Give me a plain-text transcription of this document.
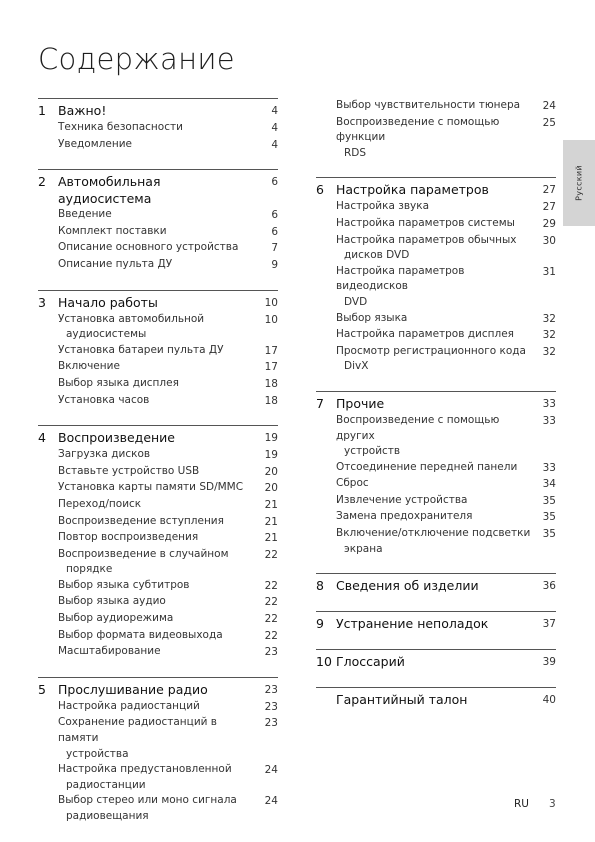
Содержание
1 Важно!	4
Техника безопасности	4
Уведомление	4
2 Автомобильная аудиосистема
6
Введение	6
Комплект поставки	6
Описание основного устройства	7
Описание пульта ДУ	9
3 Начало работы	10
Установка автомобильной
аудиосистемы
10
Установка батареи пульта ДУ	17
Включение	17
Выбор языка дисплея	18
Установка часов	18
4 Воспроизведение	19
Загрузка дисков	19
Вставьте устройство USB	20
Установка карты памяти SD/MMC	20
Переход/поиск	21
Воспроизведение вступления	21
Повтор воспроизведения	21
Воспроизведение в случайном
порядке
22
Выбор языка субтитров	22
Выбор языка аудио	22
Выбор аудиорежима	22
Выбор формата видеовыхода	22
Масштабирование	23
5 Прослушивание радио	23
Настройка радиостанций	23
Сохранение радиостанций в памяти
устройства
23
Настройка предустановленной
радиостанции
24
Выбор стерео или моно сигнала
радиовещания
24
Выбор чувствительности тюнера	24
Воспроизведение с помощью функции
RDS
25
6 Настройка параметров	27
Настройка звука	27
Настройка параметров системы	29
Настройка параметров обычных
дисков DVD
30
Настройка параметров видеодисков
DVD
31
Выбор языка	32
Настройка параметров дисплея	32
Просмотр регистрационного кода
DivX
32
7 Прочие	33
Воспроизведение с помощью других
устройств
33
Отсоединение передней панели	33
Сброс	34
Извлечение устройства	35
Замена предохранителя	35
Включение/отключение подсветки
экрана
35
8 Сведения об изделии	36
9 Устранение неполадок	37
10 Глоссарий	39
Гарантийный талон	40
Русский
RU 3
